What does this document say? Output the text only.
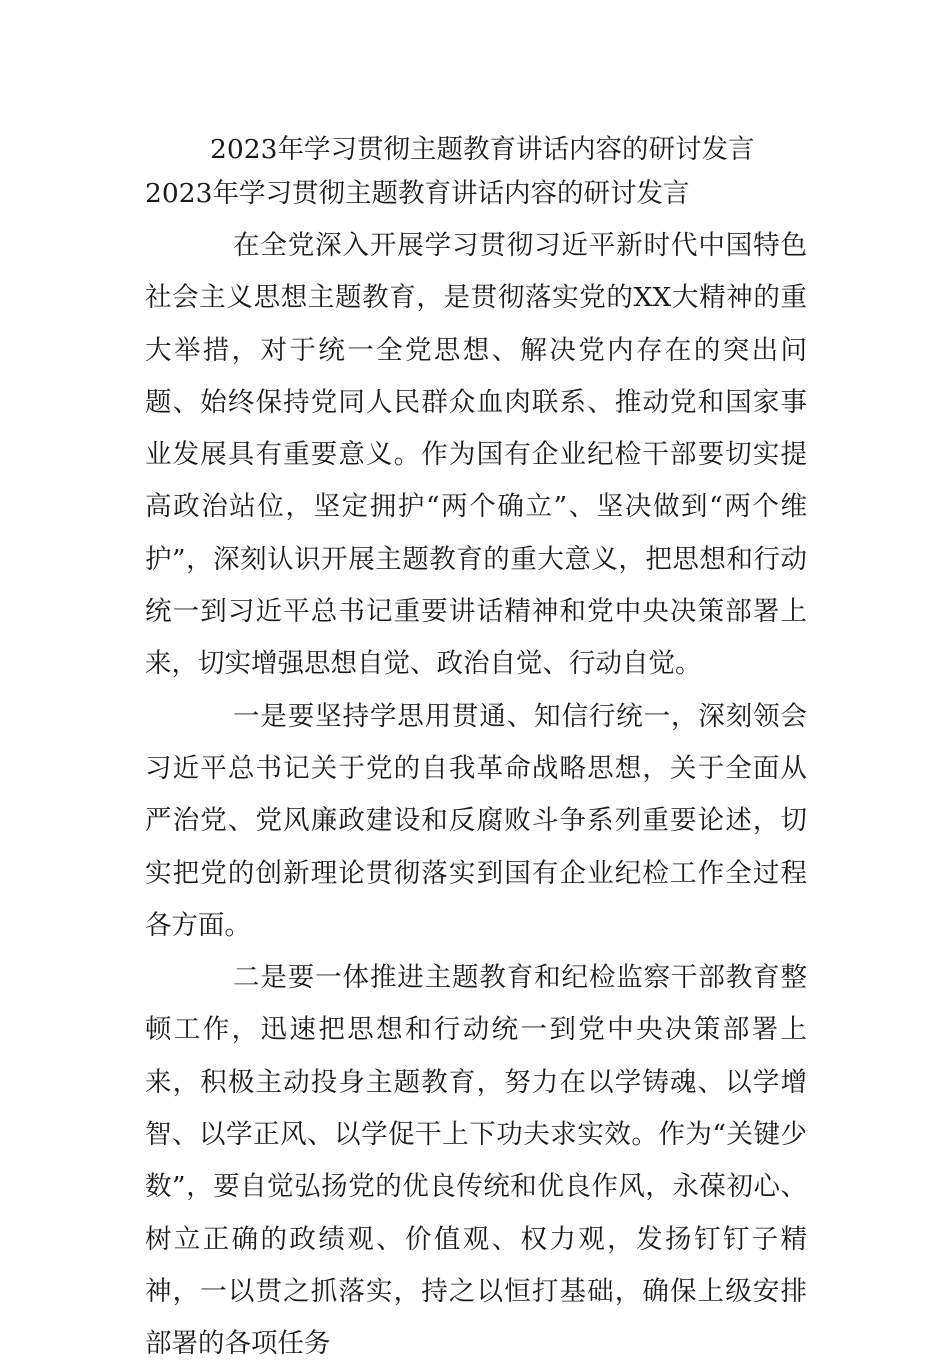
2023年学习贯彻主题教育讲话内容的研讨发言
2023年学习贯彻主题教育讲话内容的研讨发言

在全党深入开展学习贯彻习近平新时代中国特色社会主义思想主题教育，是贯彻落实党的XX大精神的重大举措，对于统一全党思想、解决党内存在的突出问题、始终保持党同人民群众血肉联系、推动党和国家事业发展具有重要意义。作为国有企业纪检干部要切实提高政治站位，坚定拥护“两个确立”、坚决做到“两个维护”，深刻认识开展主题教育的重大意义，把思想和行动统一到习近平总书记重要讲话精神和党中央决策部署上来，切实增强思想自觉、政治自觉、行动自觉。

一是要坚持学思用贯通、知信行统一，深刻领会习近平总书记关于党的自我革命战略思想，关于全面从严治党、党风廉政建设和反腐败斗争系列重要论述，切实把党的创新理论贯彻落实到国有企业纪检工作全过程各方面。

二是要一体推进主题教育和纪检监察干部教育整顿工作，迅速把思想和行动统一到党中央决策部署上来，积极主动投身主题教育，努力在以学铸魂、以学增智、以学正风、以学促干上下功夫求实效。作为“关键少数”，要自觉弘扬党的优良传统和优良作风，永葆初心、树立正确的政绩观、价值观、权力观，发扬钉钉子精神，一以贯之抓落实，持之以恒打基础，确保上级安排部署的各项任务
